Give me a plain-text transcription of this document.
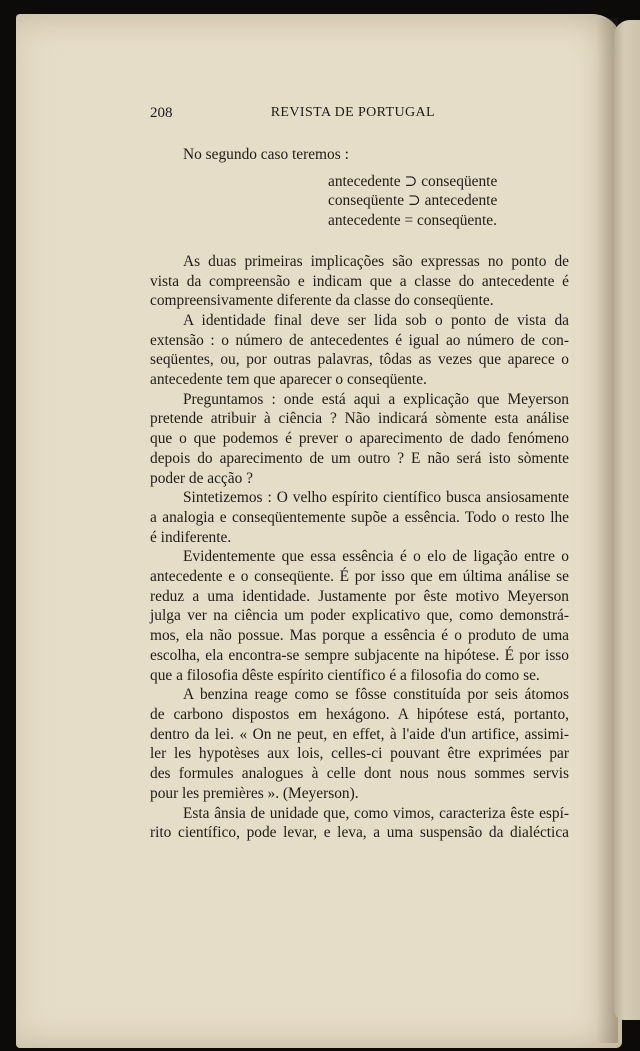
208	REVISTA DE PORTUGAL

No segundo caso teremos :

antecedente ⊃ conseqüente
conseqüente ⊃ antecedente
antecedente = conseqüente.

As duas primeiras implicações são expressas no ponto de

vista da compreensão e indicam que a classe do antecedente é

compreensivamente diferente da classe do conseqüente.

A identidade final deve ser lida sob o ponto de vista da

extensão : o número de antecedentes é igual ao número de con-

seqüentes, ou, por outras palavras, tôdas as vezes que aparece o

antecedente tem que aparecer o conseqüente.

Preguntamos : onde está aqui a explicação que Meyerson

pretende atribuir à ciência ? Não indicará sòmente esta análise

que o que podemos é prever o aparecimento de dado fenómeno

depois do aparecimento de um outro ? E não será isto sòmente

poder de acção ?

Sintetizemos : O velho espírito científico busca ansiosamente

a analogia e conseqüentemente supõe a essência. Todo o resto lhe

é indiferente.

Evidentemente que essa essência é o elo de ligação entre o

antecedente e o conseqüente. É por isso que em última análise se

reduz a uma identidade. Justamente por êste motivo Meyerson

julga ver na ciência um poder explicativo que, como demonstrá-

mos, ela não possue. Mas porque a essência é o produto de uma

escolha, ela encontra-se sempre subjacente na hipótese. É por isso

que a filosofia dêste espírito científico é a filosofia do como se.

A benzina reage como se fôsse constituída por seis átomos

de carbono dispostos em hexágono. A hipótese está, portanto,

dentro da lei. « On ne peut, en effet, à l'aide d'un artifice, assimi-

ler les hypotèses aux lois, celles-ci pouvant être exprimées par

des formules analogues à celle dont nous nous sommes servis

pour les premières ». (Meyerson).

Esta ânsia de unidade que, como vimos, caracteriza êste espí-

rito científico, pode levar, e leva, a uma suspensão da dialéctica
